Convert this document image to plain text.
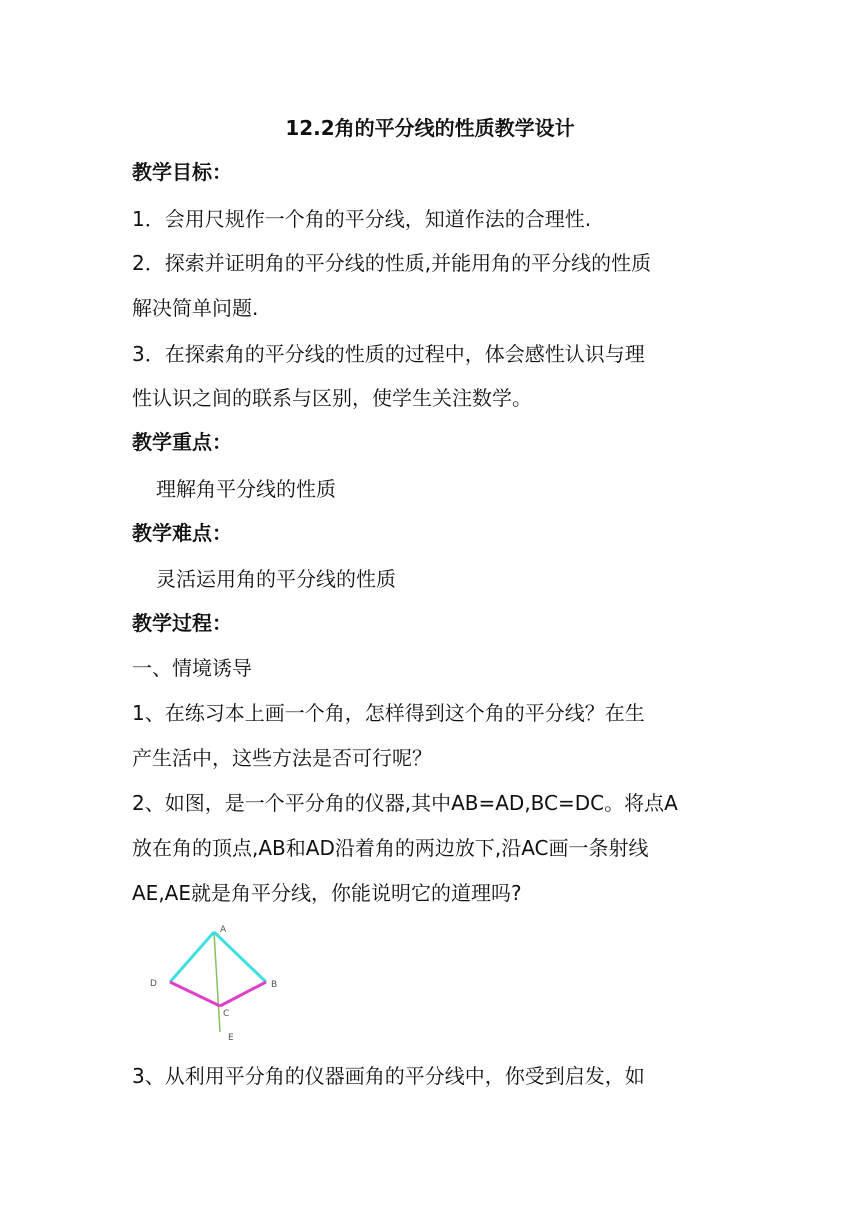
12.2角的平分线的性质教学设计
教学目标：
1．会用尺规作一个角的平分线，知道作法的合理性.
2．探索并证明角的平分线的性质,并能用角的平分线的性质
解决简单问题.
3．在探索角的平分线的性质的过程中，体会感性认识与理
性认识之间的联系与区别，使学生关注数学。
教学重点：
理解角平分线的性质
教学难点：
灵活运用角的平分线的性质
教学过程：
一、情境诱导
1、在练习本上画一个角，怎样得到这个角的平分线？在生
产生活中，这些方法是否可行呢？
2、如图，是一个平分角的仪器,其中AB=AD,BC=DC。将点A
放在角的顶点,AB和AD沿着角的两边放下,沿AC画一条射线
AE,AE就是角平分线，你能说明它的道理吗?
A
D	B
C
E
3、从利用平分角的仪器画角的平分线中，你受到启发，如
